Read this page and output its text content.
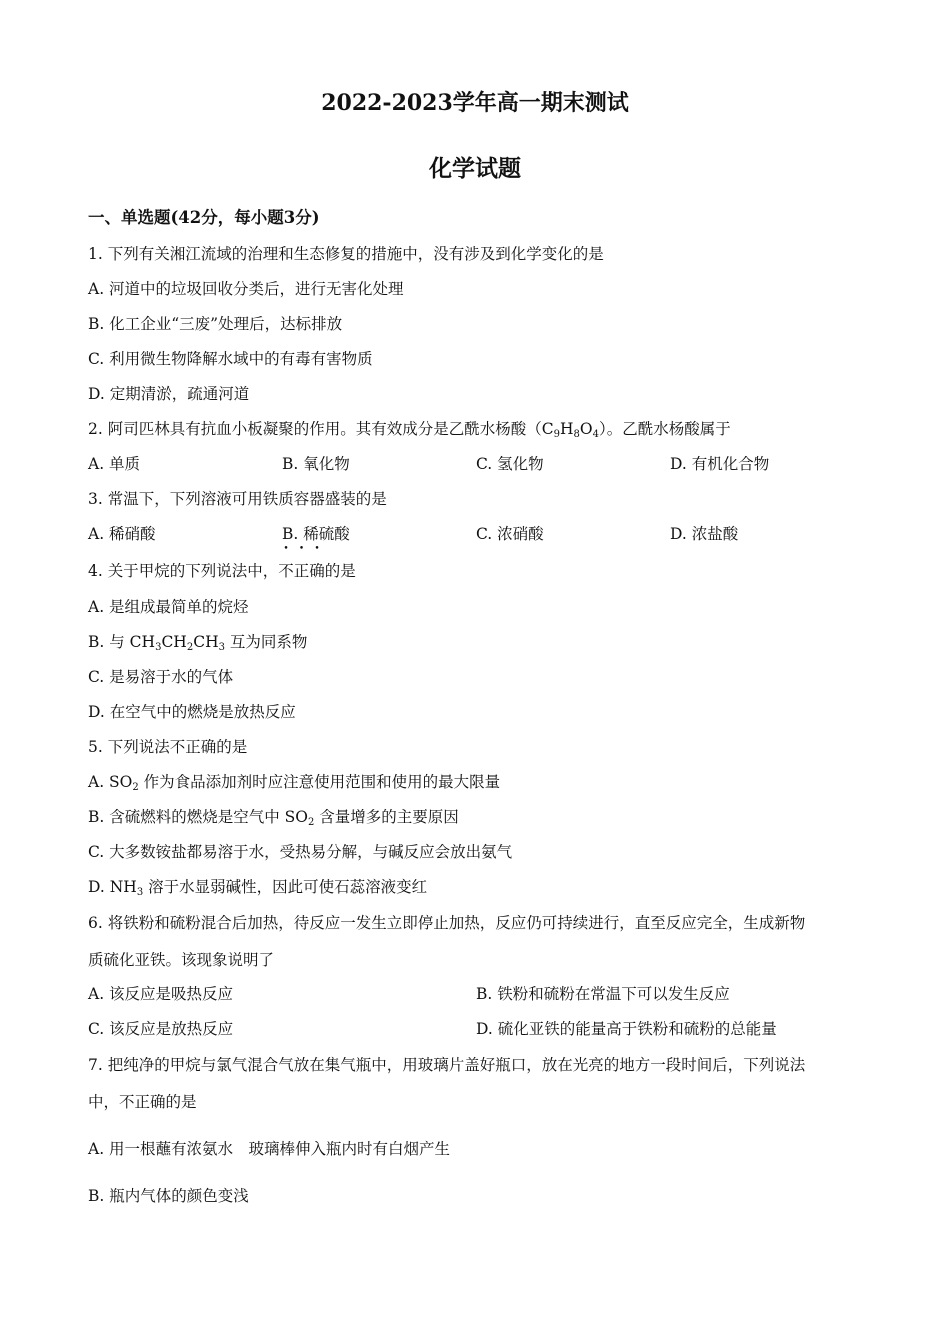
2022-2023学年高一期末测试
化学试题
一、单选题(42分，每小题3分)
1. 下列有关湘江流域的治理和生态修复的措施中，没有涉及到化学变化的是
A. 河道中的垃圾回收分类后，进行无害化处理
B. 化工企业“三废”处理后，达标排放
C. 利用微生物降解水域中的有毒有害物质
D. 定期清淤，疏通河道
2. 阿司匹林具有抗血小板凝聚的作用。其有效成分是乙酰水杨酸$(C_9H_8O_4)$。乙酰水杨酸属于
A. 单质	B. 氧化物	C. 氢化物	D. 有机化合物
3. 常温下，下列溶液可用铁质容器盛装的是
A. 稀硝酸	B. 稀硫酸	C. 浓硝酸	D. 浓盐酸
4. 关于甲烷的下列说法中，不正确的是
A. 是组成最简单的烷烃
B. 与 $CH_3CH_2CH_3$ 互为同系物
C. 是易溶于水的气体
D. 在空气中的燃烧是放热反应
5. 下列说法不正确的是
A. $SO_2$ 作为食品添加剂时应注意使用范围和使用的最大限量
B. 含硫燃料的燃烧是空气中 $SO_2$ 含量增多的主要原因
C. 大多数铵盐都易溶于水，受热易分解，与碱反应会放出氨气
D. $NH_3$ 溶于水显弱碱性，因此可使石蕊溶液变红
6. 将铁粉和硫粉混合后加热，待反应一发生立即停止加热，反应仍可持续进行，直至反应完全，生成新物
质硫化亚铁。该现象说明了
A. 该反应是吸热反应	B. 铁粉和硫粉在常温下可以发生反应
C. 该反应是放热反应	D. 硫化亚铁的能量高于铁粉和硫粉的总能量
7. 把纯净的甲烷与氯气混合气放在集气瓶中，用玻璃片盖好瓶口，放在光亮的地方一段时间后，下列说法
中，不正确的是
A. 用一根蘸有浓氨水　玻璃棒伸入瓶内时有白烟产生
B. 瓶内气体的颜色变浅
